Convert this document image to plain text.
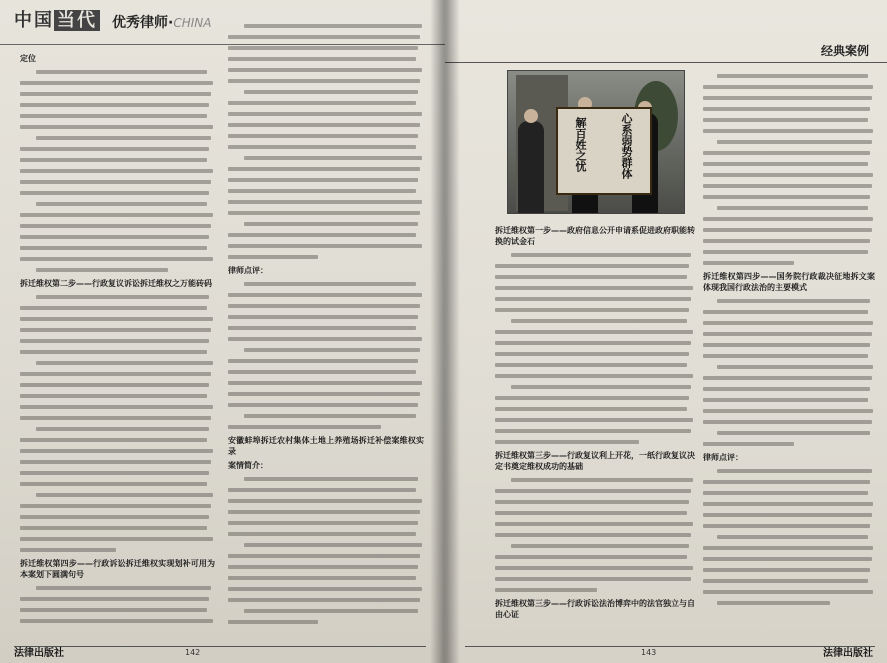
中国 当代 优秀律师·CHINA
定位
拆迁维权第二步——行政复议诉讼拆迁维权之万能砖码
拆迁维权第四步——行政诉讼拆迁维权实现划补可用为本案划下圆满句号
律师点评：
安徽蚌埠拆迁农村集体土地上养殖场拆迁补偿案维权实录
案情简介：
法律出版社	142
经典案例
解百姓之忧	心系弱势群体
拆迁维权第一步——政府信息公开申请系促进政府职能转换的试金石
拆迁维权第三步——行政复议利上开花，一纸行政复议决定书奠定维权成功的基础
拆迁维权第三步——行政诉讼法治博弈中的法官独立与自由心证
拆迁维权第四步——国务院行政裁决征地拆文案体现我国行政法治的主要模式
律师点评：
143	法律出版社
